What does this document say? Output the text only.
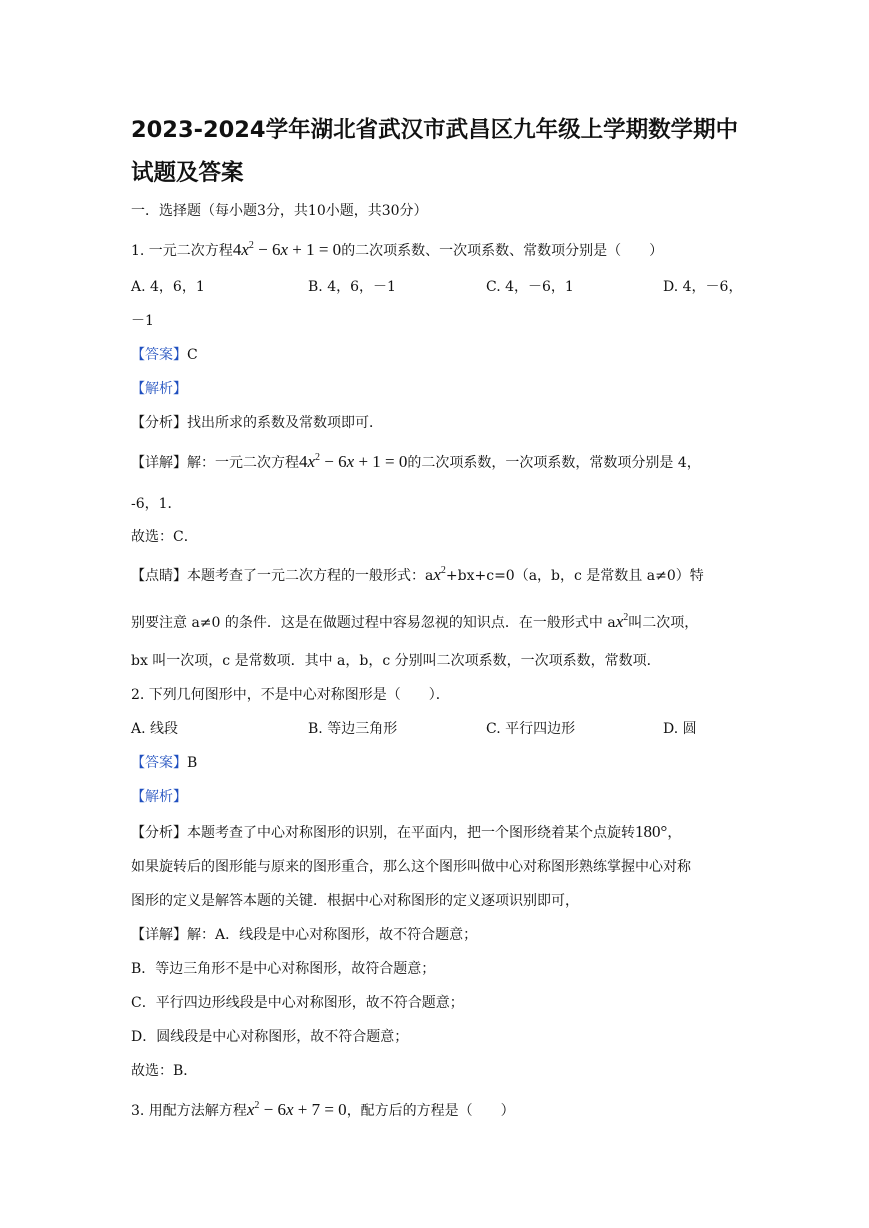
2023-2024学年湖北省武汉市武昌区九年级上学期数学期中
试题及答案
一．选择题（每小题3分，共10小题，共30分）
1. 一元二次方程$4x^2 - 6x + 1 = 0$的二次项系数、一次项系数、常数项分别是（　　）
A. 4，6，1	B. 4，6，－1	C. 4，－6，1	D. 4，－6，
－1
【答案】C
【解析】
【分析】找出所求的系数及常数项即可．
【详解】解：一元二次方程$4x^2 - 6x + 1 = 0$的二次项系数，一次项系数，常数项分别是 4，
-6，1．
故选：C．
【点睛】本题考查了一元二次方程的一般形式：$ax^2+bx+c=0(a$，b，c 是常数且 a≠0）特
别要注意 a≠0 的条件．这是在做题过程中容易忽视的知识点．在一般形式中 $ax^2$叫二次项，
bx 叫一次项，c 是常数项．其中 a，b，c 分别叫二次项系数，一次项系数，常数项．
2. 下列几何图形中，不是中心对称图形是（　　）．
A. 线段	B. 等边三角形	C. 平行四边形	D. 圆
【答案】B
【解析】
【分析】本题考查了中心对称图形的识别，在平面内，把一个图形绕着某个点旋转180°，
如果旋转后的图形能与原来的图形重合，那么这个图形叫做中心对称图形熟练掌握中心对称
图形的定义是解答本题的关键．根据中心对称图形的定义逐项识别即可，
【详解】解：A．线段是中心对称图形，故不符合题意；
B．等边三角形不是中心对称图形，故符合题意；
C．平行四边形线段是中心对称图形，故不符合题意；
D．圆线段是中心对称图形，故不符合题意；
故选：B．
3. 用配方法解方程$x^2 - 6x + 7 = 0$，配方后的方程是（　　）
